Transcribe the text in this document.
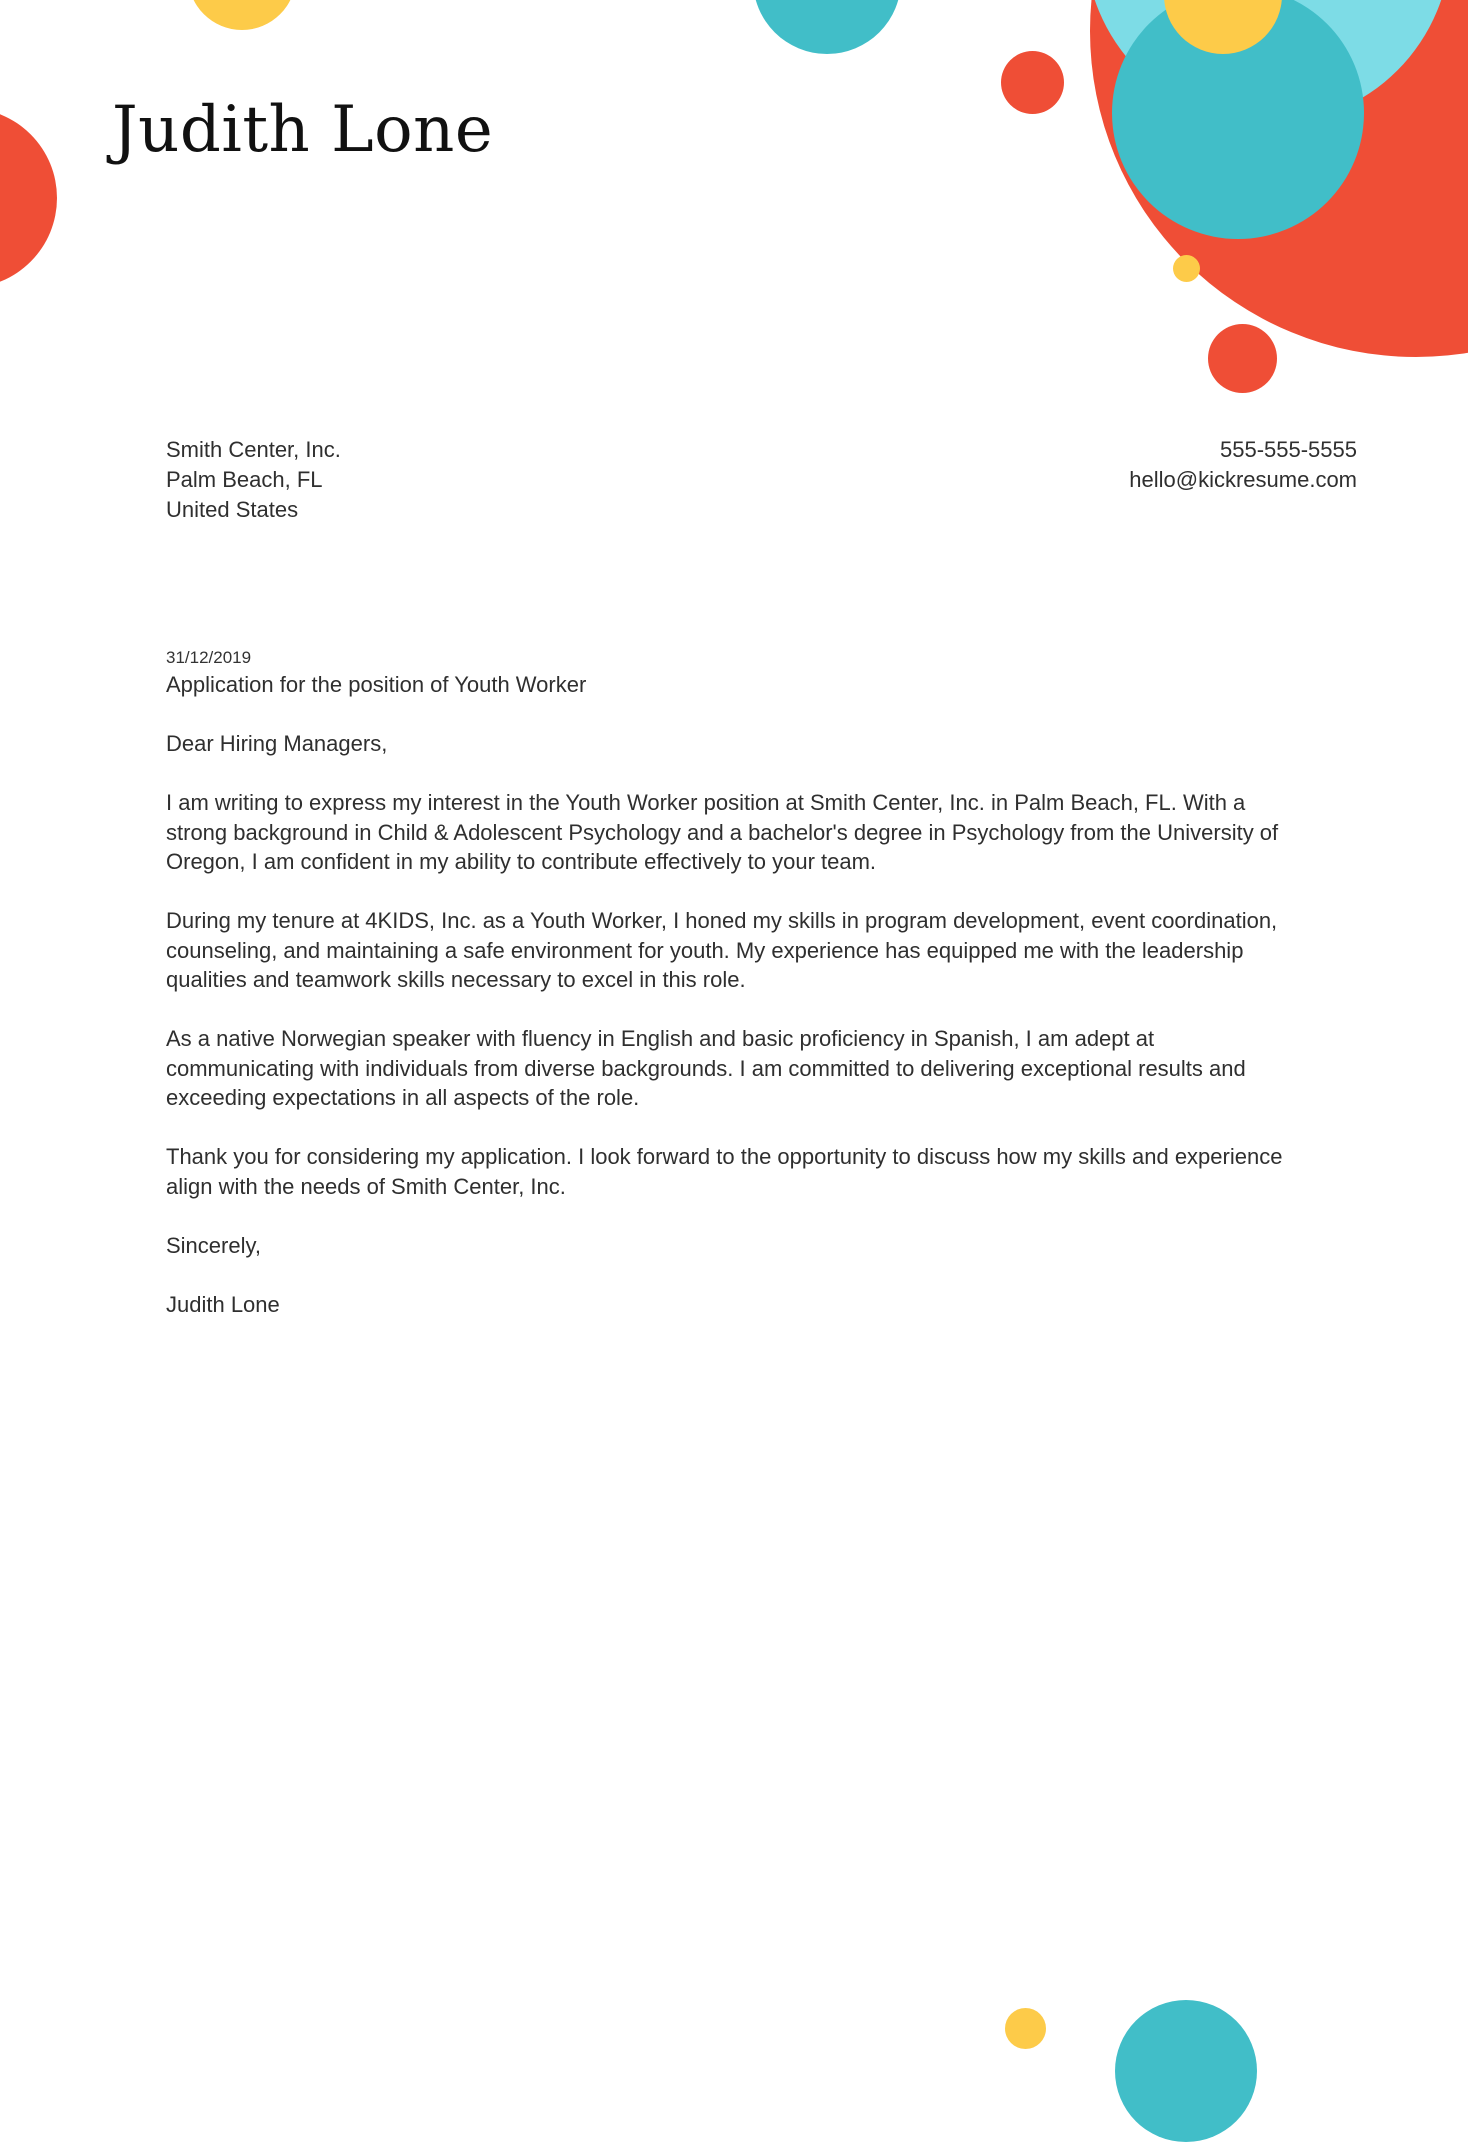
Judith Lone
Smith Center, Inc.
Palm Beach, FL
United States
555-555-5555
hello@kickresume.com
31/12/2019
Application for the position of Youth Worker
Dear Hiring Managers,
I am writing to express my interest in the Youth Worker position at Smith Center, Inc. in Palm Beach, FL. With a
strong background in Child & Adolescent Psychology and a bachelor's degree in Psychology from the University of
Oregon, I am confident in my ability to contribute effectively to your team.
During my tenure at 4KIDS, Inc. as a Youth Worker, I honed my skills in program development, event coordination,
counseling, and maintaining a safe environment for youth. My experience has equipped me with the leadership
qualities and teamwork skills necessary to excel in this role.
As a native Norwegian speaker with fluency in English and basic proficiency in Spanish, I am adept at
communicating with individuals from diverse backgrounds. I am committed to delivering exceptional results and
exceeding expectations in all aspects of the role.
Thank you for considering my application. I look forward to the opportunity to discuss how my skills and experience
align with the needs of Smith Center, Inc.
Sincerely,
Judith Lone
